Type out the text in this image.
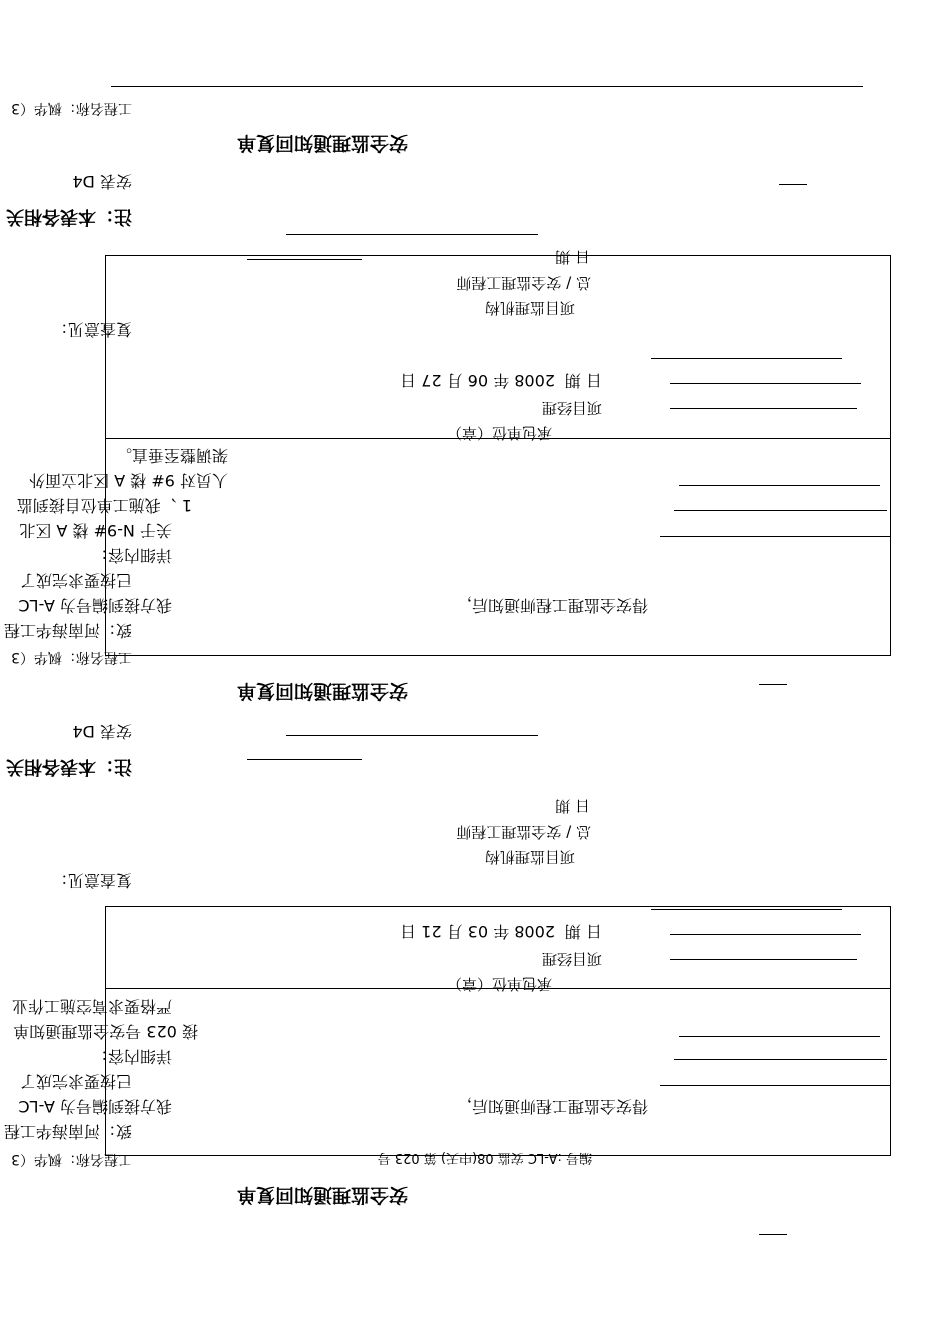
安全监理通知回复单
工程名称：枫华（3	编号 :A-LC 安监 08(中天) 第 023 号
致：河南海华工程
我方接到编号为 A-LC	得安全监理工程师通知后，
已按要求完成了
详细内容：
接 023 号安全监理通知单
严格要求高空施工作业
承包单位（章）
项目经理
日 期
2008 年 03 月 21 日
复查意见：
项目监理机构
总 / 安全监理工程师
日 期
注：本表各相关
安表 D4
安全监理通知回复单
工程名称：枫华（3
致：河南海华工程
我方接到编号为 A-LC	得安全监理工程师通知后，
已按要求完成了
详细内容：
关于 N-9# 楼 A 区北
1 、我施工单位自接到监
人员对 9# 楼 A 区北立面外
架调整至垂直。
承包单位（章）
项目经理
日 期
2008 年 06 月 27 日
复查意见：
项目监理机构
总 / 安全监理工程师
日 期
注：本表各相关
安表 D4
安全监理通知回复单
工程名称：枫华（3
